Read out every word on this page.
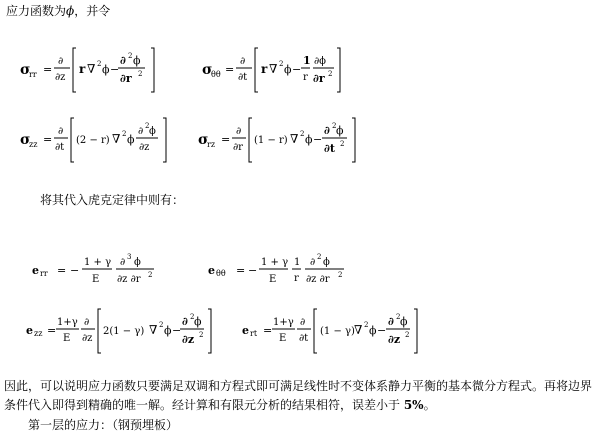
应力函数为ϕ，并令
σ
rr =
∂
∂z
r ∇ 2 ϕ −
∂ 2 ϕ
∂r 2	σ
θθ =
∂
∂t
r ∇ 2 ϕ −
1
r
∂ϕ
∂r 2
σ
zz =
∂
∂t
(2 − r) ∇ 2 ϕ
∂ 2 ϕ
∂z	σ
rz =
∂
∂r
(1 − r) ∇ 2 ϕ −
∂ 2 ϕ
∂t 2
将其代入虎克定律中则有：
e rr = −
1 + γ
E
∂ 3 ϕ
∂z ∂r 2	e θθ = −
1 + γ
E
1
r
∂ 2 ϕ
∂z ∂r 2
e zz =
1+γ
E
∂
∂z
2(1 − γ) ∇ 2 ϕ −
∂ 2 ϕ
∂z 2	e rt =
1+γ
E
∂
∂t
(1 − γ) ∇ 2 ϕ −
∂ 2 ϕ
∂z 2
因此，可以说明应力函数只要满足双调和方程式即可满足线性时不变体系静力平衡的基本微分方程式。再将边界条件代入即得到精确的唯一解。经计算和有限元分析的结果相符，误差小于 5%。
第一层的应力：（钢预埋板）
